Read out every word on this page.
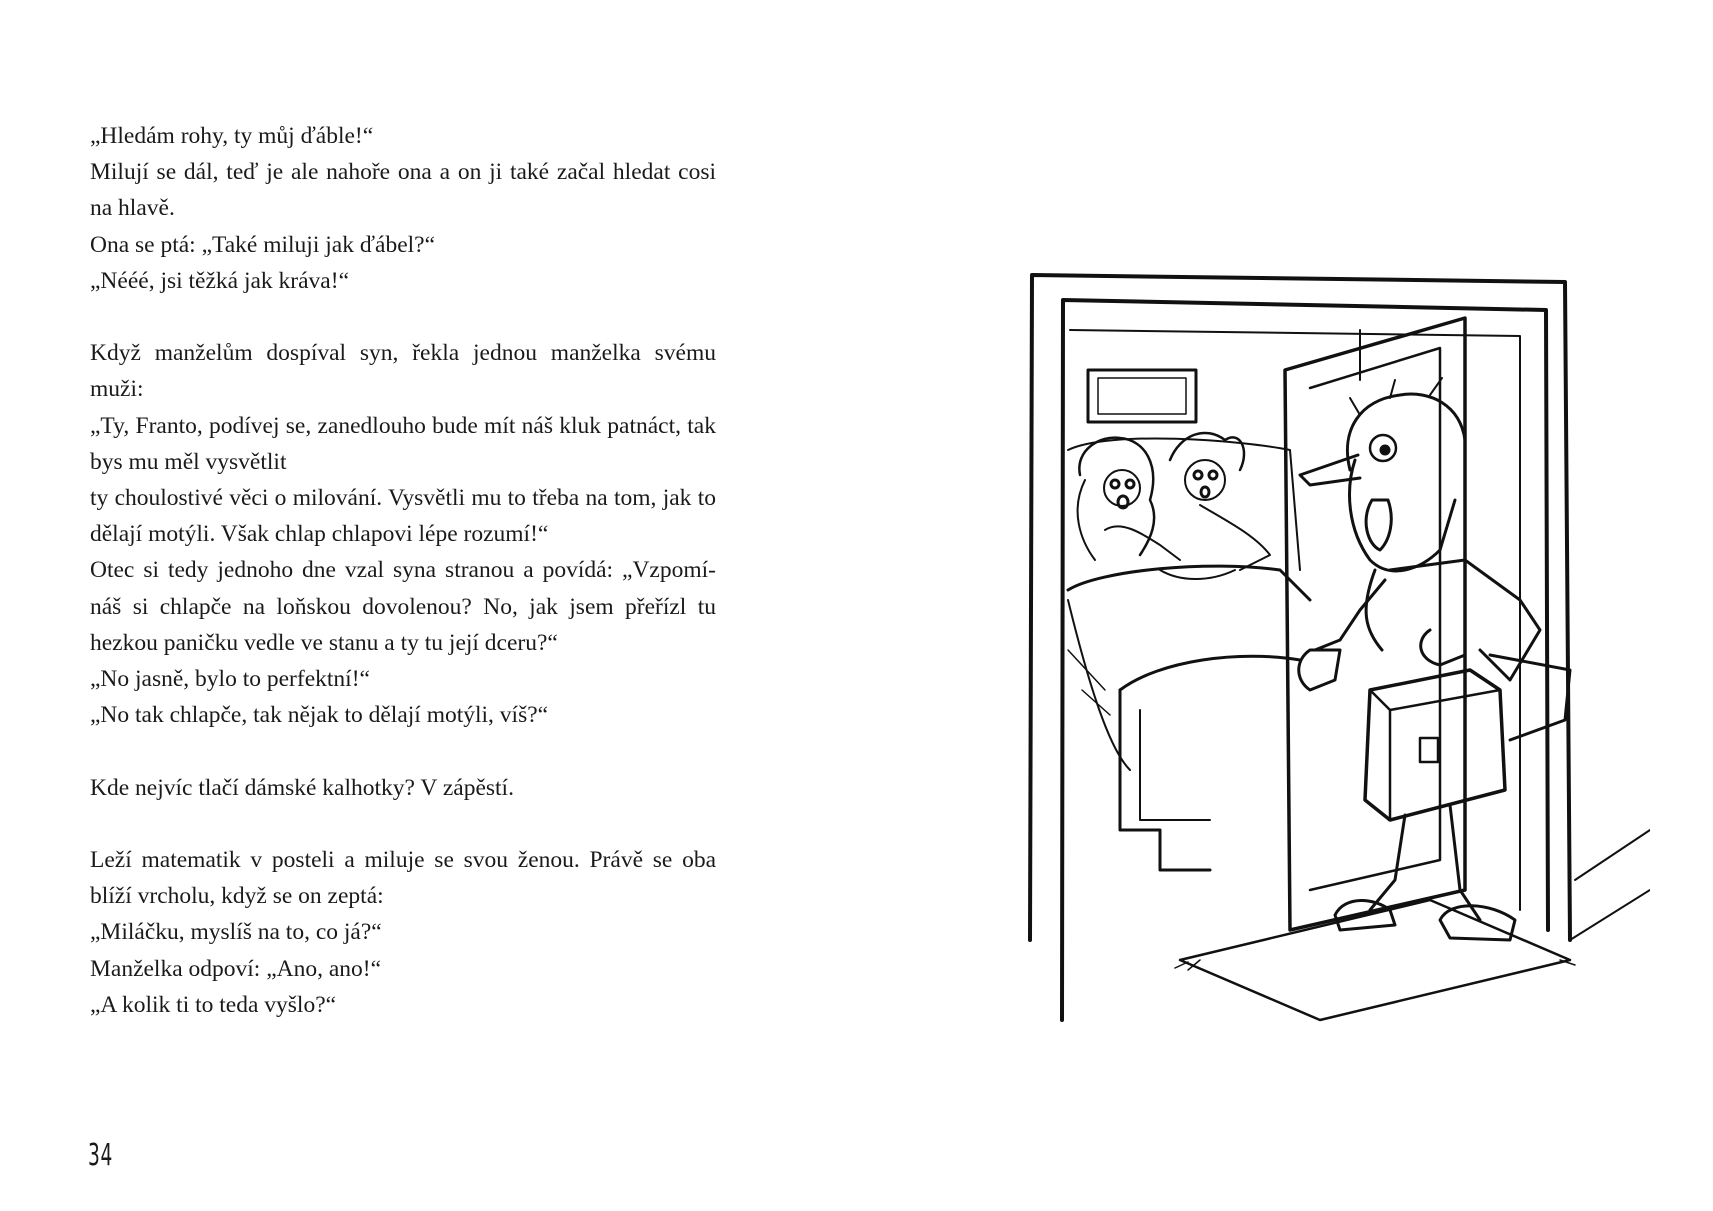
„Hledám rohy, ty můj ďáble!“

Milují se dál, teď je ale nahoře ona a on ji také začal hledat cosi na hlavě.

Ona se ptá: „Také miluji jak ďábel?“

„Nééé, jsi těžká jak kráva!“

Když manželům dospíval syn, řekla jednou manželka svému muži:

„Ty, Franto, podívej se, zanedlouho bude mít náš kluk patnáct, tak bys mu měl vysvětlit

ty choulostivé věci o milování. Vysvětli mu to třeba na tom, jak to dělají motýli. Však chlap chlapovi lépe rozumí!“

Otec si tedy jednoho dne vzal syna stranou a povídá: „Vzpomí-náš si chlapče na loňskou dovolenou? No, jak jsem přeřízl tu hezkou paničku vedle ve stanu a ty tu její dceru?“

„No jasně, bylo to perfektní!“

„No tak chlapče, tak nějak to dělají motýli, víš?“

Kde nejvíc tlačí dámské kalhotky? V zápěstí.

Leží matematik v posteli a miluje se svou ženou. Právě se oba blíží vrcholu, když se on zeptá:

„Miláčku, myslíš na to, co já?“

Manželka odpoví: „Ano, ano!“

„A kolik ti to teda vyšlo?“

34
